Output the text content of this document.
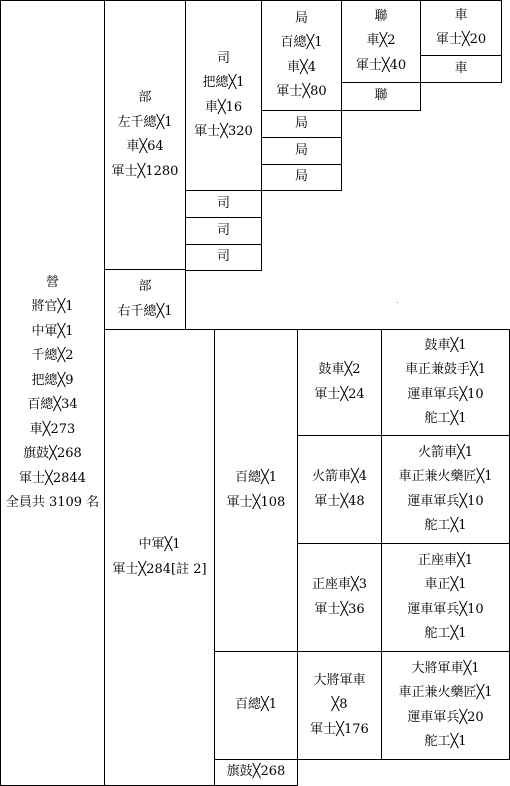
營
將官╳1
中軍╳1
千總╳2
把總╳9
百總╳34
車╳273
旗鼓╳268
軍士╳2844
全員共 3109 名
部
左千總╳1
車╳64
軍士╳1280
司
把總╳1
車╳16
軍士╳320
司
司
司
局
百總╳1
車╳4
軍士╳80
局
局
局
聯
車╳2
軍士╳40
聯
車
軍士╳20
車
部
右千總╳1
中軍╳1
軍士╳284[註 2]
百總╳1
軍士╳108
百總╳1
旗鼓╳268
鼓車╳2
軍士╳24
火箭車╳4
軍士╳48
正座車╳3
軍士╳36
大將軍車
╳8
軍士╳176
鼓車╳1
車正兼鼓手╳1
運車軍兵╳10
舵工╳1
火箭車╳1
車正兼火藥匠╳1
運車軍兵╳10
舵工╳1
正座車╳1
車正╳1
運車軍兵╳10
舵工╳1
大將軍車╳1
車正兼火藥匠╳1
運車軍兵╳20
舵工╳1
